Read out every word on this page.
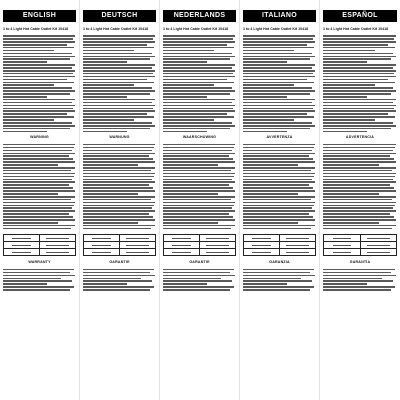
ENGLISH
1 to 4 Light Hot Cable Outlet Kit 10418
WARNING

WARRANTY
DEUTSCH
1 to 4 Light Hot Cable Outlet Kit 10418
WARNUNG

GARANTIE
NEDERLANDS
1 to 4 Light Hot Cable Outlet Kit 10418
WAARSCHUWING

GARANTIE
ITALIANO
1 to 4 Light Hot Cable Outlet Kit 10418
AVVERTENZA

GARANZIA
ESPAÑOL
1 to 4 Light Hot Cable Outlet Kit 10418
ADVERTENCIA

GARANTÍA
